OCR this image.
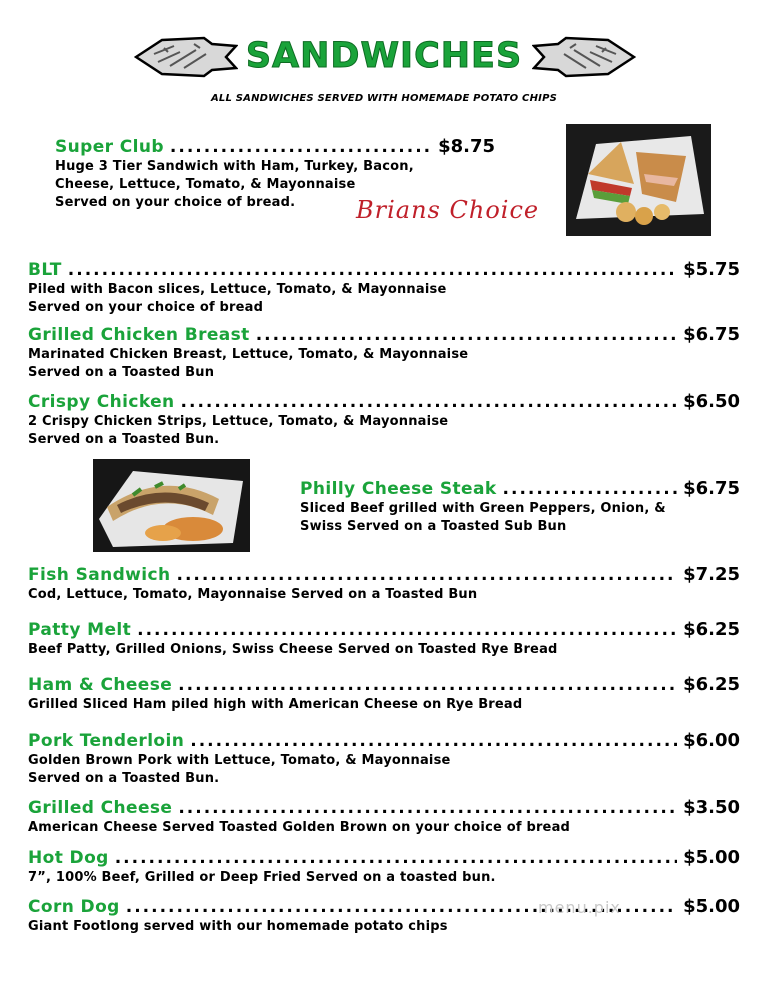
SANDWICHES
ALL SANDWICHES SERVED WITH HOMEMADE POTATO CHIPS
Super Club .....	$8.75
Huge 3 Tier Sandwich with Ham, Turkey, Bacon,
Cheese, Lettuce, Tomato, & Mayonnaise
Served on your choice of bread.	Brians Choice
BLT .....	$5.75
Piled with Bacon slices, Lettuce, Tomato, & Mayonnaise
Served on your choice of bread
Grilled Chicken Breast .....	$6.75
Marinated Chicken Breast, Lettuce, Tomato, & Mayonnaise
Served on a Toasted Bun
Crispy Chicken .....	$6.50
2 Crispy Chicken Strips, Lettuce, Tomato, & Mayonnaise
Served on a Toasted Bun.
Philly Cheese Steak .....	$6.75
Sliced Beef grilled with Green Peppers, Onion, &
Swiss Served on a Toasted Sub Bun
Fish Sandwich .....	$7.25
Cod, Lettuce, Tomato, Mayonnaise Served on a Toasted Bun
Patty Melt .....	$6.25
Beef Patty, Grilled Onions, Swiss Cheese Served on Toasted Rye Bread
Ham & Cheese .....	$6.25
Grilled Sliced Ham piled high with American Cheese on Rye Bread
Pork Tenderloin .....	$6.00
Golden Brown Pork with Lettuce, Tomato, & Mayonnaise
Served on a Toasted Bun.
Grilled Cheese .....	$3.50
American Cheese Served Toasted Golden Brown on your choice of bread
Hot Dog .....	$5.00
7”, 100% Beef, Grilled or Deep Fried Served on a toasted bun.
Corn Dog .....	$5.00
Giant Footlong served with our homemade potato chips
menu.pix
